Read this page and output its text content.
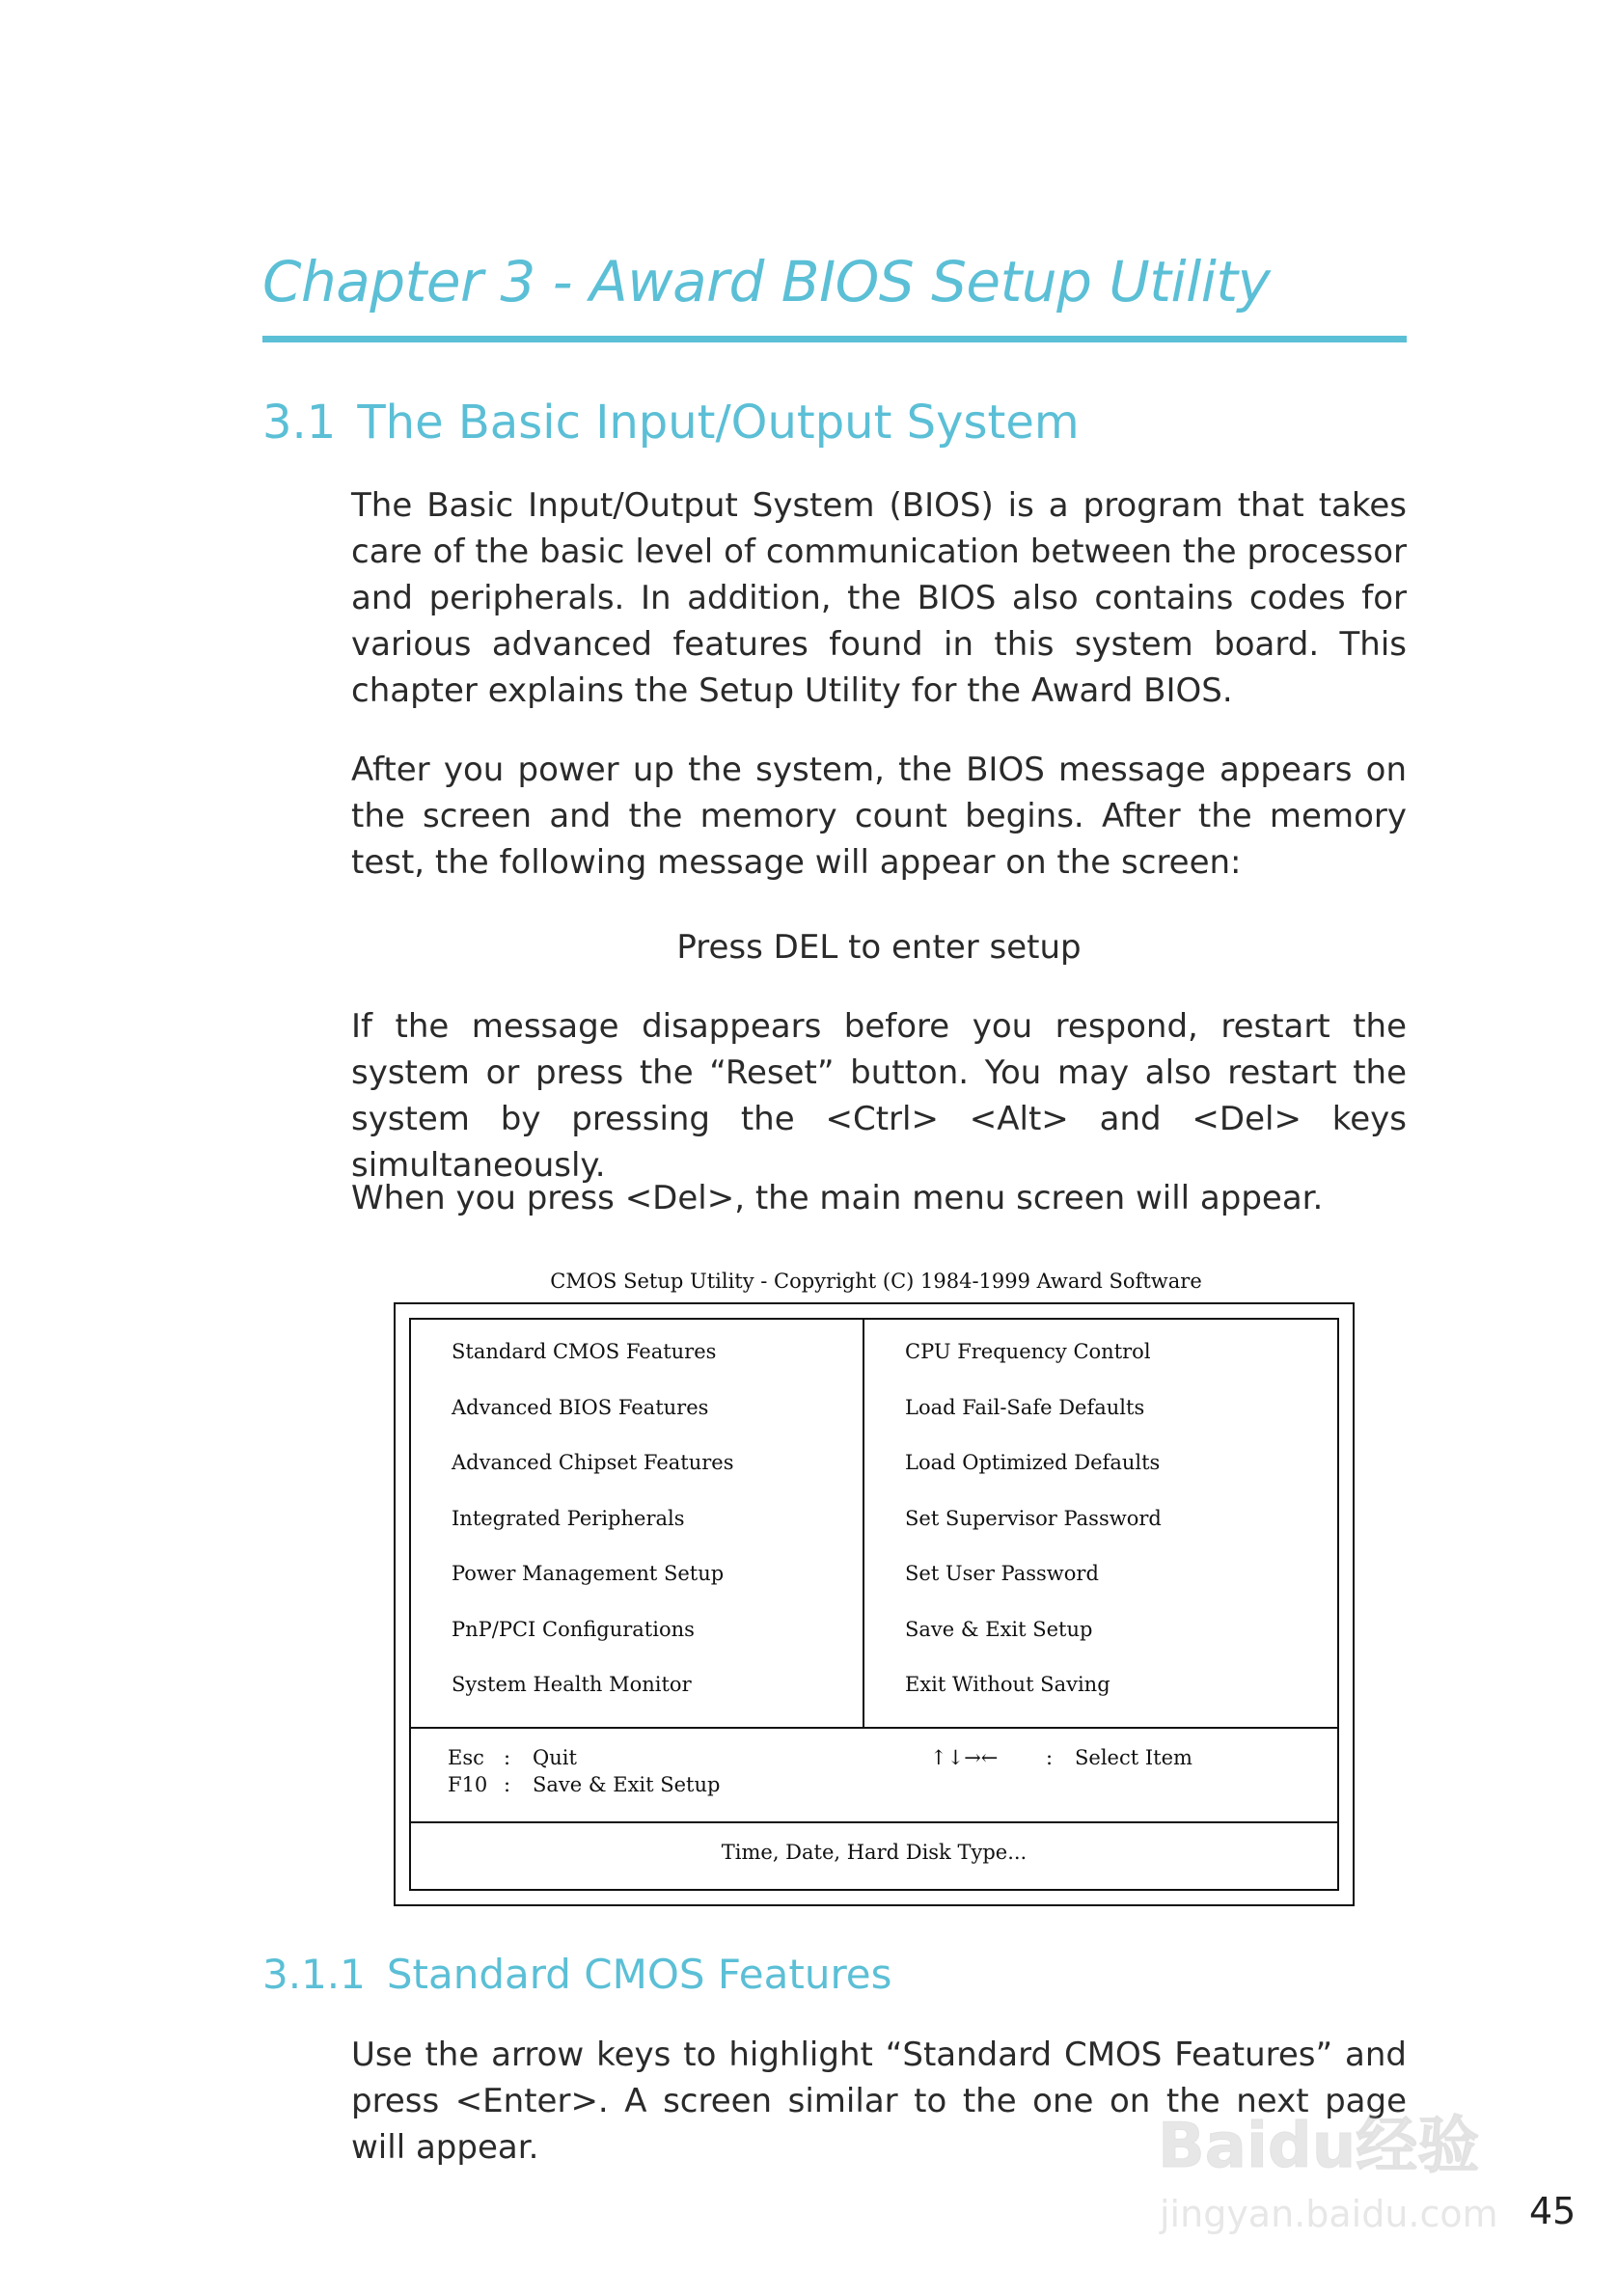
Chapter 3 - Award BIOS Setup Utility
3.1 The Basic Input/Output System

The Basic Input/Output System (BIOS) is a program that takes care of the basic level of communication between the processor and peripherals. In addition, the BIOS also contains codes for various advanced features found in this system board. This chapter explains the Setup Utility for the Award BIOS.

After you power up the system, the BIOS message appears on the screen and the memory count begins. After the memory test, the following message will appear on the screen:

Press DEL to enter setup

If the message disappears before you respond, restart the system or press the “Reset” button. You may also restart the system by pressing the <Ctrl> <Alt> and <Del> keys simultaneously.

When you press <Del>, the main menu screen will appear.

CMOS Setup Utility - Copyright (C) 1984-1999 Award Software
Standard CMOS Features
Advanced BIOS Features
Advanced Chipset Features
Integrated Peripherals
Power Management Setup
PnP/PCI Configurations
System Health Monitor
CPU Frequency Control
Load Fail-Safe Defaults
Load Optimized Defaults
Set Supervisor Password
Set User Password
Save & Exit Setup
Exit Without Saving
Esc : Quit
F10 : Save & Exit Setup
↑↓→← : Select Item
Time, Date, Hard Disk Type...
3.1.1 Standard CMOS Features

Use the arrow keys to highlight “Standard CMOS Features” and press <Enter>. A screen similar to the one on the next page will appear.

45
Baidu经验
jingyan.baidu.com
